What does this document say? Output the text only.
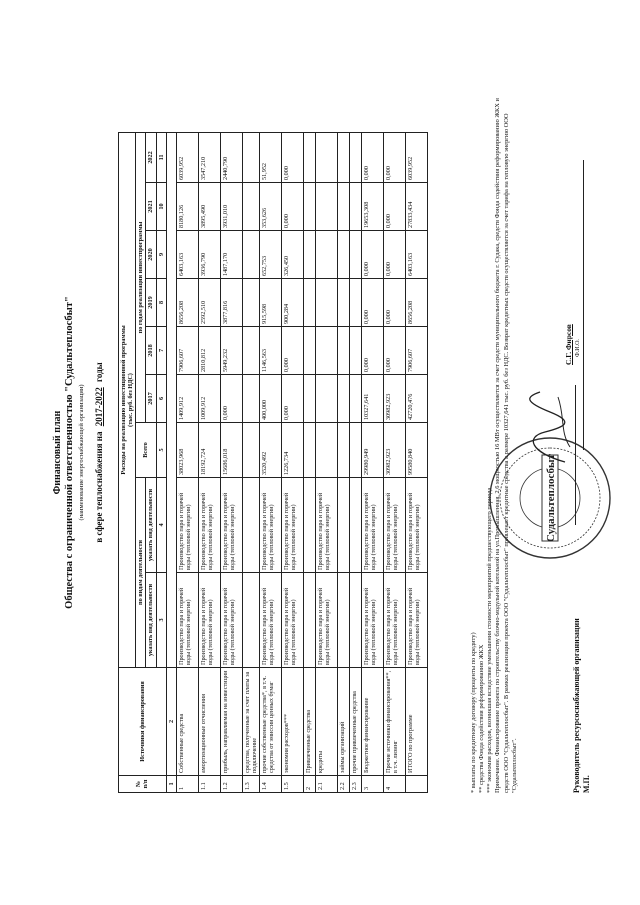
Финансовый план Общества с ограниченной ответственностью "Судальтеплосбыт" (наименование энергоснабжающей организации) в сфере теплоснабжения на 2017-2022 годы
№ п/п	Источники финансирования	Расходы на реализацию инвестиционной программы
(тыс. руб. без НДС)								
		по видам деятельности		Всего	по годам реализации инвестпрограммы					
		указать вид деятельности	указать вид деятельности		2017	2018	2019	2020	2021	2022
		3	4	5	6	7	8	9	10	11
1	2									
1	Собственные средства	Производство пара и горячей воды (тепловой энергии)	Производство пара и горячей воды (тепловой энергии)	38023,968	1409,912	7906,607	8656,208	6403,163	8180,126	6039,952
1.1	амортизационные отчисления	Производство пара и горячей воды (тепловой энергии)	Производство пара и горячей воды (тепловой энергии)	18192,724	1009,912	2810,812	2592,510	3936,790	3895,490	3547,210
1.2	прибыль, направляемая на инвестиции	Производство пара и горячей воды (тепловой энергии)	Производство пара и горячей воды (тепловой энергии)	15686,018	0,000	5949,232	3877,816	1487,170	3931,010	2440,790
1.3	средства, полученные за счет платы за подключение									
1.4	прочие собственные средства*, в т.ч. средства от эмиссии ценных бумаг	Производство пара и горячей воды (тепловой энергии)	Производство пара и горячей воды (тепловой энергии)	3520,492	400,000	1146,563	915,598	652,753	353,626	51,952
1.5	экономия расходов***	Производство пара и горячей воды (тепловой энергии)	Производство пара и горячей воды (тепловой энергии)	1226,734	0,000	0,000	900,284	326,450	0,000	0,000
2	Привлеченные средства									
2.1	кредиты	Производство пара и горячей воды (тепловой энергии)	Производство пара и горячей воды (тепловой энергии)							
2.2	займы организаций									
2.3	прочие привлеченные средства									
3	Бюджетное финансирование	Производство пара и горячей воды (тепловой энергии)	Производство пара и горячей воды (тепловой энергии)	29980,949	10327,641	0,000	0,000	0,000	19653,308	0,000
4	Прочие источники финансирования**, в т.ч. лизинг	Производство пара и горячей воды (тепловой энергии)	Производство пара и горячей воды (тепловой энергии)	30982,923	30982,923	0,000	0,000	0,000	0,000	0,000
	ИТОГО по программе	Производство пара и горячей воды (тепловой энергии)	Производство пара и горячей воды (тепловой энергии)	99580,840	42720,476	7906,607	8656,208	6403,163	27833,434	6039,952
* выплаты по кредитному договору (проценты по кредиту) ** средства Фонда содействия реформированию ЖКХ *** экономия расходов, возникшая вследствие уменьшения стоимости мероприятий предшествующего периода Примечание. Финансирование проекта по строительству блочно-модульной котельной на ул.Промышленная, 2,6 мощностью 16 МВт осуществляется за счет средств муниципального бюджета г. Судака, средств Фонда содействия реформированию ЖКХ и средств ООО "Судальтеплосбыт". В рамках реализации проекта ООО "Судальтеплосбыт" привлекает кредитные средства в размере 10327,641 тыс. руб. без НДС. Возврат кредитных средств осуществляется за счет тарифа на тепловую энергию ООО "Судальтеплосбыт".
Судальтеплосбыт
Руководитель ресурсоснабжающей организации М.П.
С.Г. Фирсов Ф.И.О.
